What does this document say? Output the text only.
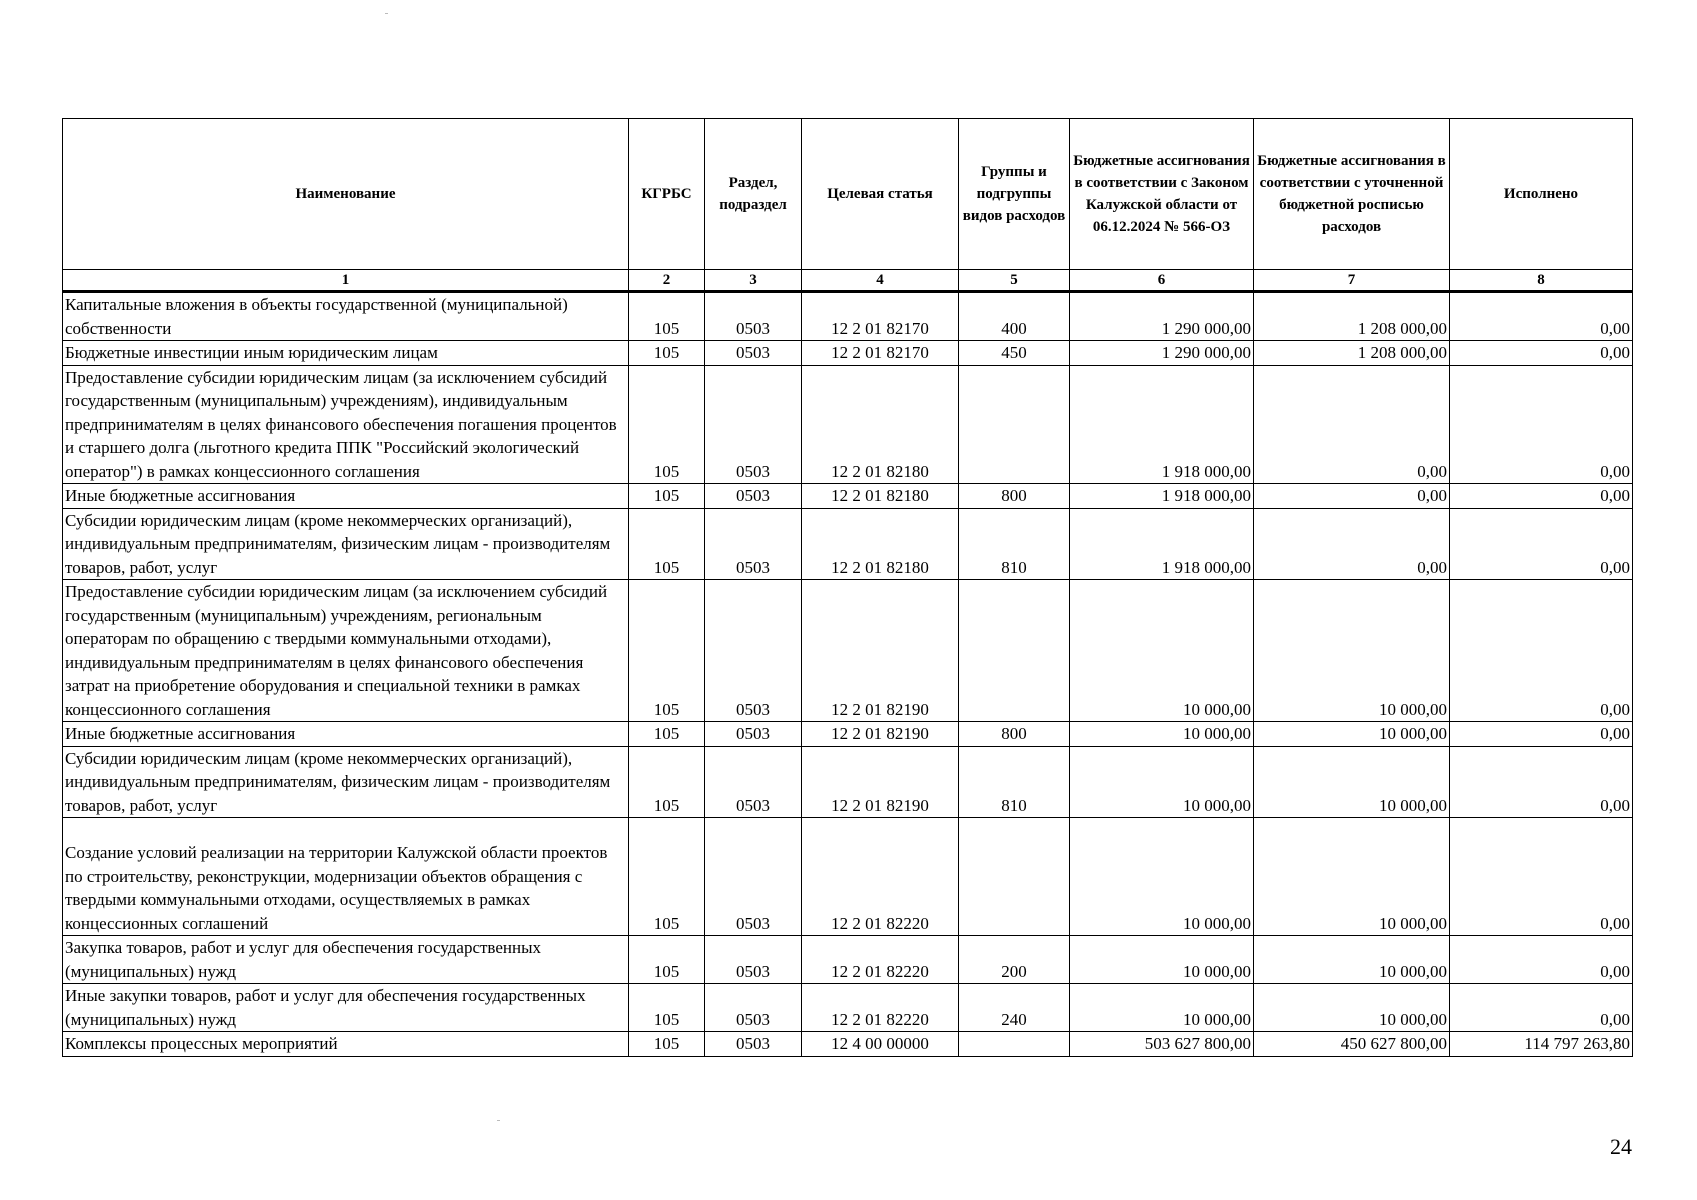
Наименование	КГРБС	Раздел, подраздел	Целевая статья	Группы и подгруппы видов расходов	Бюджетные ассигнования в соответствии с Законом Калужской области от 06.12.2024 № 566-ОЗ	Бюджетные ассигнования в соответствии с уточненной бюджетной росписью расходов	Исполнено
1	2	3	4	5	6	7	8
Капитальные вложения в объекты государственной (муниципальной) собственности	105	0503	12 2 01 82170	400	1 290 000,00	1 208 000,00	0,00
Бюджетные инвестиции иным юридическим лицам	105	0503	12 2 01 82170	450	1 290 000,00	1 208 000,00	0,00
Предоставление субсидии юридическим лицам (за исключением субсидий государственным (муниципальным) учреждениям), индивидуальным предпринимателям в целях финансового обеспечения погашения процентов и старшего долга (льготного кредита ППК "Российский экологический оператор") в рамках концессионного соглашения	105	0503	12 2 01 82180		1 918 000,00	0,00	0,00
Иные бюджетные ассигнования	105	0503	12 2 01 82180	800	1 918 000,00	0,00	0,00
Субсидии юридическим лицам (кроме некоммерческих организаций), индивидуальным предпринимателям, физическим лицам - производителям товаров, работ, услуг	105	0503	12 2 01 82180	810	1 918 000,00	0,00	0,00
Предоставление субсидии юридическим лицам (за исключением субсидий государственным (муниципальным) учреждениям, региональным операторам по обращению с твердыми коммунальными отходами), индивидуальным предпринимателям в целях финансового обеспечения затрат на приобретение оборудования и специальной техники в рамках концессионного соглашения	105	0503	12 2 01 82190		10 000,00	10 000,00	0,00
Иные бюджетные ассигнования	105	0503	12 2 01 82190	800	10 000,00	10 000,00	0,00
Субсидии юридическим лицам (кроме некоммерческих организаций), индивидуальным предпринимателям, физическим лицам - производителям товаров, работ, услуг	105	0503	12 2 01 82190	810	10 000,00	10 000,00	0,00
Создание условий реализации на территории Калужской области проектов по строительству, реконструкции, модернизации объектов обращения с твердыми коммунальными отходами, осуществляемых в рамках концессионных соглашений	105	0503	12 2 01 82220		10 000,00	10 000,00	0,00
Закупка товаров, работ и услуг для обеспечения государственных (муниципальных) нужд	105	0503	12 2 01 82220	200	10 000,00	10 000,00	0,00
Иные закупки товаров, работ и услуг для обеспечения государственных (муниципальных) нужд	105	0503	12 2 01 82220	240	10 000,00	10 000,00	0,00
Комплексы процессных мероприятий	105	0503	12 4 00 00000		503 627 800,00	450 627 800,00	114 797 263,80
24
